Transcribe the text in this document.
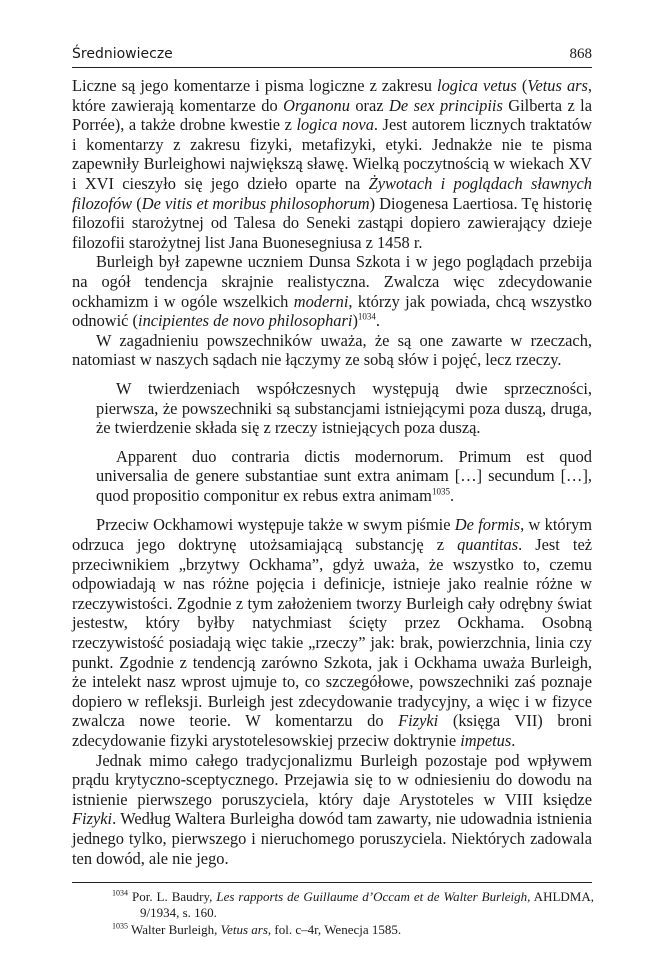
Średniowiecze	868

Liczne są jego komentarze i pisma logiczne z zakresu logica vetus (Vetus ars, które zawierają komentarze do Organonu oraz De sex principiis Gilberta z la Porrée), a także drobne kwestie z logica nova. Jest autorem licznych traktatów i komentarzy z zakresu fizyki, metafizyki, etyki. Jednakże nie te pisma zapewniły Burleighowi największą sławę. Wielką poczytnością w wiekach XV i XVI cieszyło się jego dzieło oparte na Żywotach i poglądach sławnych filozofów (De vitis et moribus philosophorum) Diogenesa Laertiosa. Tę historię filozofii starożytnej od Talesa do Seneki zastąpi dopiero zawierający dzieje filozofii starożytnej list Jana Buonesegniusa z 1458 r.

Burleigh był zapewne uczniem Dunsa Szkota i w jego poglądach przebija na ogół tendencja skrajnie realistyczna. Zwalcza więc zdecydowanie ockhamizm i w ogóle wszelkich moderni, którzy jak powiada, chcą wszystko odnowić (incipientes de novo philosophari)$^{1034}$.

W zagadnieniu powszechników uważa, że są one zawarte w rzeczach, natomiast w naszych sądach nie łączymy ze sobą słów i pojęć, lecz rzeczy.

W twierdzeniach współczesnych występują dwie sprzeczności, pierwsza, że powszechniki są substancjami istniejącymi poza duszą, druga, że twierdzenie składa się z rzeczy istniejących poza duszą.

Apparent duo contraria dictis modernorum. Primum est quod universalia de genere substantiae sunt extra animam […] secundum […], quod propositio componitur ex rebus extra animam$^{1035}$.

Przeciw Ockhamowi występuje także w swym piśmie De formis, w którym odrzuca jego doktrynę utożsamiającą substancję z quantitas. Jest też przeciwnikiem „brzytwy Ockhama”, gdyż uważa, że wszystko to, czemu odpowiadają w nas różne pojęcia i definicje, istnieje jako realnie różne w rzeczywistości. Zgodnie z tym założeniem tworzy Burleigh cały odrębny świat jestestw, który byłby natychmiast ścięty przez Ockhama. Osobną rzeczywistość posiadają więc takie „rzeczy” jak: brak, powierzchnia, linia czy punkt. Zgodnie z tendencją zarówno Szkota, jak i Ockhama uważa Burleigh, że intelekt nasz wprost ujmuje to, co szczegółowe, powszechniki zaś poznaje dopiero w refleksji. Burleigh jest zdecydowanie tradycyjny, a więc i w fizyce zwalcza nowe teorie. W komentarzu do Fizyki (księga VII) broni zdecydowanie fizyki arystotelesowskiej przeciw doktrynie impetus.

Jednak mimo całego tradycjonalizmu Burleigh pozostaje pod wpływem prądu krytyczno-sceptycznego. Przejawia się to w odniesieniu do dowodu na istnienie pierwszego poruszyciela, który daje Arystoteles w VIII księdze Fizyki. Według Waltera Burleigha dowód tam zawarty, nie udowadnia istnienia jednego tylko, pierwszego i nieruchomego poruszyciela. Niektórych zadowala ten dowód, ale nie jego.

$^{1034}$ Por. L. Baudry, Les rapports de Guillaume d’Occam et de Walter Burleigh, AHLDMA, 9/1934, s. 160.

$^{1035}$ Walter Burleigh, Vetus ars, fol. c–4r, Wenecja 1585.
